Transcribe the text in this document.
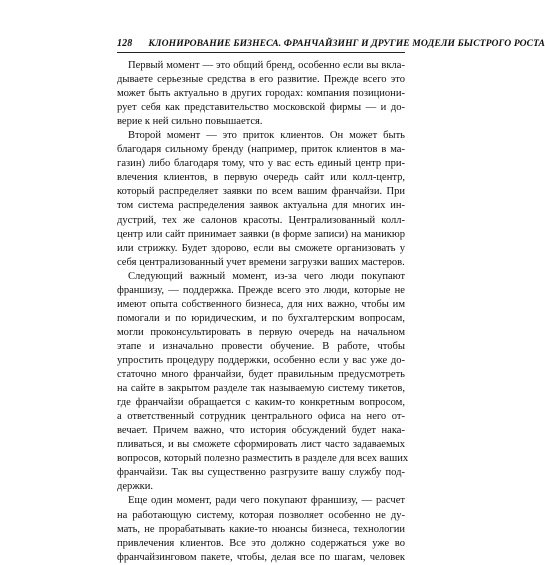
128 КЛОНИРОВАНИЕ БИЗНЕСА. ФРАНЧАЙЗИНГ И ДРУГИЕ МОДЕЛИ БЫСТРОГО РОСТА
Первый момент — это общий бренд, особенно если вы вкла-
дываете серьезные средства в его развитие. Прежде всего это
может быть актуально в других городах: компания позициони-
рует себя как представительство московской фирмы — и до-
верие к ней сильно повышается.
Второй момент — это приток клиентов. Он может быть
благодаря сильному бренду (например, приток клиентов в ма-
газин) либо благодаря тому, что у вас есть единый центр при-
влечения клиентов, в первую очередь сайт или колл-центр,
который распределяет заявки по всем вашим франчайзи. При
том система распределения заявок актуальна для многих ин-
дустрий, тех же салонов красоты. Централизованный колл-
центр или сайт принимает заявки (в форме записи) на маникюр
или стрижку. Будет здорово, если вы сможете организовать у
себя централизованный учет времени загрузки ваших мастеров.
Следующий важный момент, из-за чего люди покупают
франшизу, — поддержка. Прежде всего это люди, которые не
имеют опыта собственного бизнеса, для них важно, чтобы им
помогали и по юридическим, и по бухгалтерским вопросам,
могли проконсультировать в первую очередь на начальном
этапе и изначально провести обучение. В работе, чтобы
упростить процедуру поддержки, особенно если у вас уже до-
статочно много франчайзи, будет правильным предусмотреть
на сайте в закрытом разделе так называемую систему тикетов,
где франчайзи обращается с каким-то конкретным вопросом,
а ответственный сотрудник центрального офиса на него от-
вечает. Причем важно, что история обсуждений будет нака-
пливаться, и вы сможете сформировать лист часто задаваемых
вопросов, который полезно разместить в разделе для всех ваших
франчайзи. Так вы существенно разгрузите вашу службу под-
держки.
Еще один момент, ради чего покупают франшизу, — расчет
на работающую систему, которая позволяет особенно не ду-
мать, не прорабатывать какие-то нюансы бизнеса, технологии
привлечения клиентов. Все это должно содержаться уже во
франчайзинговом пакете, чтобы, делая все по шагам, человек
